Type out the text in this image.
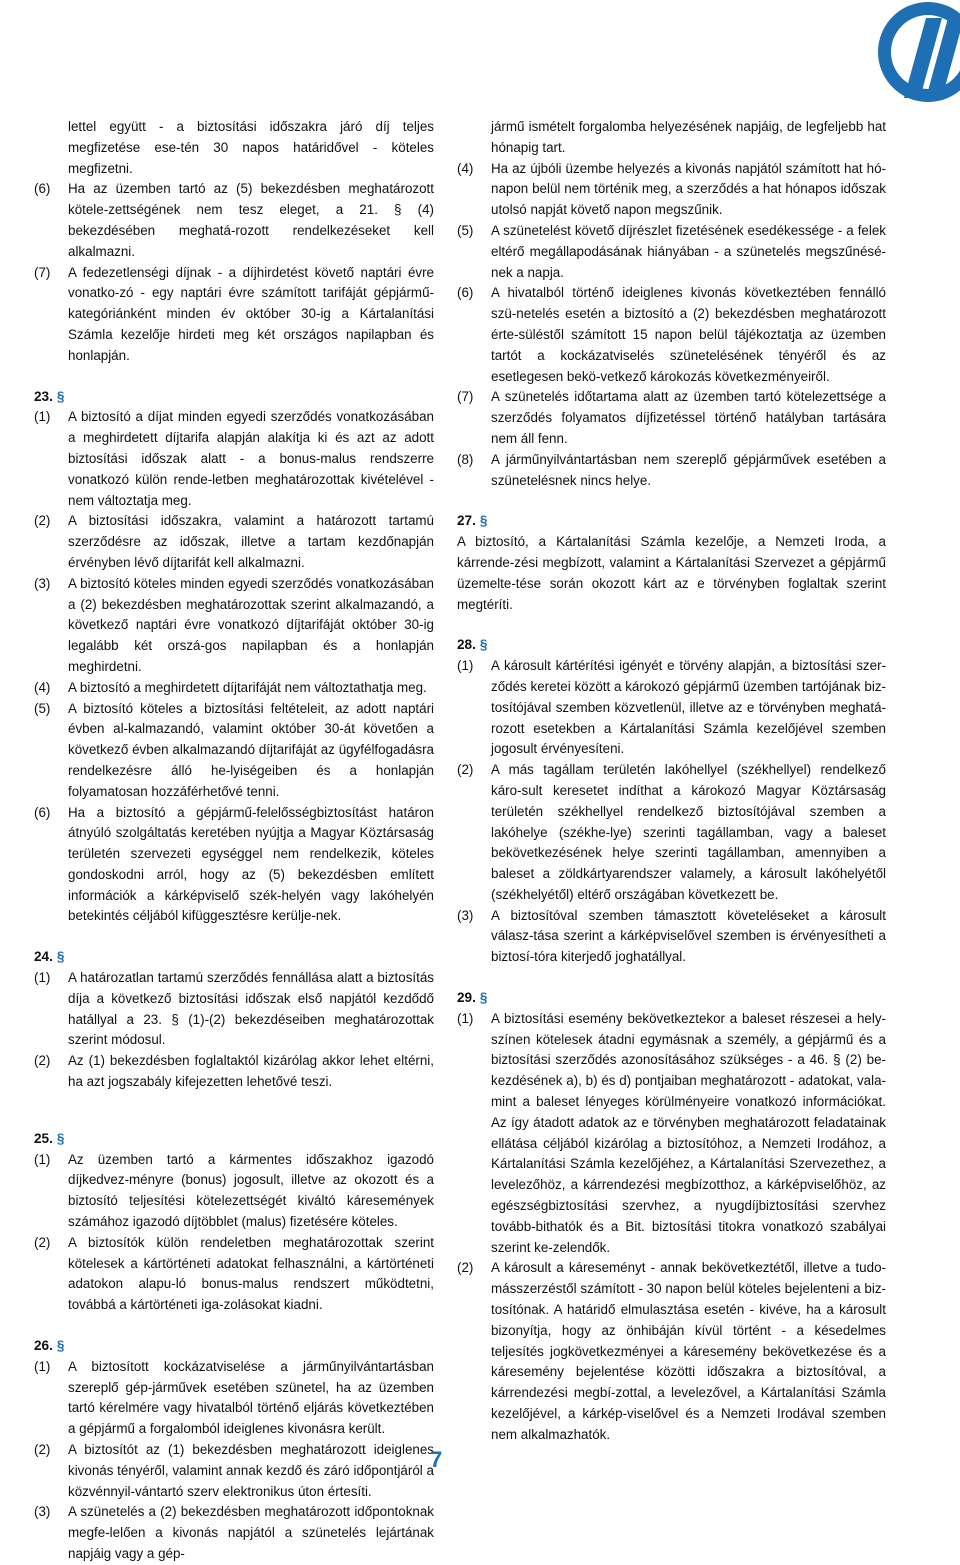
lettel együtt - a biztosítási időszakra járó díj teljes megfizetése ese-tén 30 napos határidővel - köteles megfizetni.

(6)	Ha az üzemben tartó az (5) bekezdésben meghatározott kötele-zettségének nem tesz eleget, a 21. § (4) bekezdésében meghatá-rozott rendelkezéseket kell alkalmazni.

(7)	A fedezetlenségi díjnak - a díjhirdetést követő naptári évre vonatko-zó - egy naptári évre számított tarifáját gépjármű-kategóriánként minden év október 30-ig a Kártalanítási Számla kezelője hirdeti meg két országos napilapban és honlapján.

23. §

(1)	A biztosító a díjat minden egyedi szerződés vonatkozásában a meghirdetett díjtarifa alapján alakítja ki és azt az adott biztosítási időszak alatt - a bonus-malus rendszerre vonatkozó külön rende-letben meghatározottak kivételével - nem változtatja meg.

(2)	A biztosítási időszakra, valamint a határozott tartamú szerződésre az időszak, illetve a tartam kezdőnapján érvényben lévő díjtarifát kell alkalmazni.

(3)	A biztosító köteles minden egyedi szerződés vonatkozásában a (2) bekezdésben meghatározottak szerint alkalmazandó, a következő naptári évre vonatkozó díjtarifáját október 30-ig legalább két orszá-gos napilapban és a honlapján meghirdetni.

(4)	A biztosító a meghirdetett díjtarifáját nem változtathatja meg.

(5)	A biztosító köteles a biztosítási feltételeit, az adott naptári évben al-kalmazandó, valamint október 30-át követően a következő évben alkalmazandó díjtarifáját az ügyfélfogadásra rendelkezésre álló he-lyiségeiben és a honlapján folyamatosan hozzáférhetővé tenni.

(6)	Ha a biztosító a gépjármű-felelősségbiztosítást határon átnyúló szolgáltatás keretében nyújtja a Magyar Köztársaság területén szervezeti egységgel nem rendelkezik, köteles gondoskodni arról, hogy az (5) bekezdésben említett információk a kárképviselő szék-helyén vagy lakóhelyén betekintés céljából kifüggesztésre kerülje-nek.

24. §

(1)	A határozatlan tartamú szerződés fennállása alatt a biztosítás díja a következő biztosítási időszak első napjától kezdődő hatállyal a 23. § (1)-(2) bekezdéseiben meghatározottak szerint módosul.

(2)	Az (1) bekezdésben foglaltaktól kizárólag akkor lehet eltérni, ha azt jogszabály kifejezetten lehetővé teszi.

25. §

(1)	Az üzemben tartó a kármentes időszakhoz igazodó díjkedvez-ményre (bonus) jogosult, illetve az okozott és a biztosító teljesítési kötelezettségét kiváltó káresemények számához igazodó díjtöbblet (malus) fizetésére köteles.

(2)	A biztosítók külön rendeletben meghatározottak szerint kötelesek a kártörténeti adatokat felhasználni, a kártörténeti adatokon alapu-ló bonus-malus rendszert működtetni, továbbá a kártörténeti iga-zolásokat kiadni.

26. §

(1)	A biztosított kockázatviselése a járműnyilvántartásban szereplő gép-járművek esetében szünetel, ha az üzemben tartó kérelmére vagy hivatalból történő eljárás következtében a gépjármű a forgalomból ideiglenes kivonásra került.

(2)	A biztosítót az (1) bekezdésben meghatározott ideiglenes kivonás tényéről, valamint annak kezdő és záró időpontjáról a közvénnyil-vántartó szerv elektronikus úton értesíti.

(3)	A szünetelés a (2) bekezdésben meghatározott időpontoknak megfe-lelően a kivonás napjától a szünetelés lejártának napjáig vagy a gép-

jármű ismételt forgalomba helyezésének napjáig, de legfeljebb hat hónapig tart.

(4)	Ha az újbóli üzembe helyezés a kivonás napjától számított hat hó-napon belül nem történik meg, a szerződés a hat hónapos időszak utolsó napját követő napon megszűnik.

(5)	A szünetelést követő díjrészlet fizetésének esedékessége - a felek eltérő megállapodásának hiányában - a szünetelés megszűnésé-nek a napja.

(6)	A hivatalból történő ideiglenes kivonás következtében fennálló szü-netelés esetén a biztosító a (2) bekezdésben meghatározott érte-süléstől számított 15 napon belül tájékoztatja az üzemben tartót a kockázatviselés szünetelésének tényéről és az esetlegesen bekö-vetkező károkozás következményeiről.

(7)	A szünetelés időtartama alatt az üzemben tartó kötelezettsége a szerződés folyamatos díjfizetéssel történő hatályban tartására nem áll fenn.

(8)	A járműnyilvántartásban nem szereplő gépjárművek esetében a szünetelésnek nincs helye.

27. §

A biztosító, a Kártalanítási Számla kezelője, a Nemzeti Iroda, a kárrende-zési megbízott, valamint a Kártalanítási Szervezet a gépjármű üzemelte-tése során okozott kárt az e törvényben foglaltak szerint megtéríti.

28. §

(1)	A károsult kártérítési igényét e törvény alapján, a biztosítási szer-ződés keretei között a károkozó gépjármű üzemben tartójának biz-tosítójával szemben közvetlenül, illetve az e törvényben meghatá-rozott esetekben a Kártalanítási Számla kezelőjével szemben jogosult érvényesíteni.

(2)	A más tagállam területén lakóhellyel (székhellyel) rendelkező káro-sult keresetet indíthat a károkozó Magyar Köztársaság területén székhellyel rendelkező biztosítójával szemben a lakóhelye (székhe-lye) szerinti tagállamban, vagy a baleset bekövetkezésének helye szerinti tagállamban, amennyiben a baleset a zöldkártyarendszer valamely, a károsult lakóhelyétől (székhelyétől) eltérő országában következett be.

(3)	A biztosítóval szemben támasztott követeléseket a károsult válasz-tása szerint a kárképviselővel szemben is érvényesítheti a biztosí-tóra kiterjedő joghatállyal.

29. §

(1)	A biztosítási esemény bekövetkeztekor a baleset részesei a hely-színen kötelesek átadni egymásnak a személy, a gépjármű és a biztosítási szerződés azonosításához szükséges - a 46. § (2) be-kezdésének a), b) és d) pontjaiban meghatározott - adatokat, vala-mint a baleset lényeges körülményeire vonatkozó információkat. Az így átadott adatok az e törvényben meghatározott feladatainak ellátása céljából kizárólag a biztosítóhoz, a Nemzeti Irodához, a Kártalanítási Számla kezelőjéhez, a Kártalanítási Szervezethez, a levelezőhöz, a kárrendezési megbízotthoz, a kárképviselőhöz, az egészségbiztosítási szervhez, a nyugdíjbiztosítási szervhez tovább-bithatók és a Bit. biztosítási titokra vonatkozó szabályai szerint ke-zelendők.

(2)	A károsult a káreseményt - annak bekövetkeztétől, illetve a tudo-másszerzéstől számított - 30 napon belül köteles bejelenteni a biz-tosítónak. A határidő elmulasztása esetén - kivéve, ha a károsult bizonyítja, hogy az önhibáján kívül történt - a késedelmes teljesítés jogkövetkezményei a káresemény bekövetkezése és a káresemény bejelentése közötti időszakra a biztosítóval, a kárrendezési megbí-zottal, a levelezővel, a Kártalanítási Számla kezelőjével, a kárkép-viselővel és a Nemzeti Irodával szemben nem alkalmazhatók.

7
